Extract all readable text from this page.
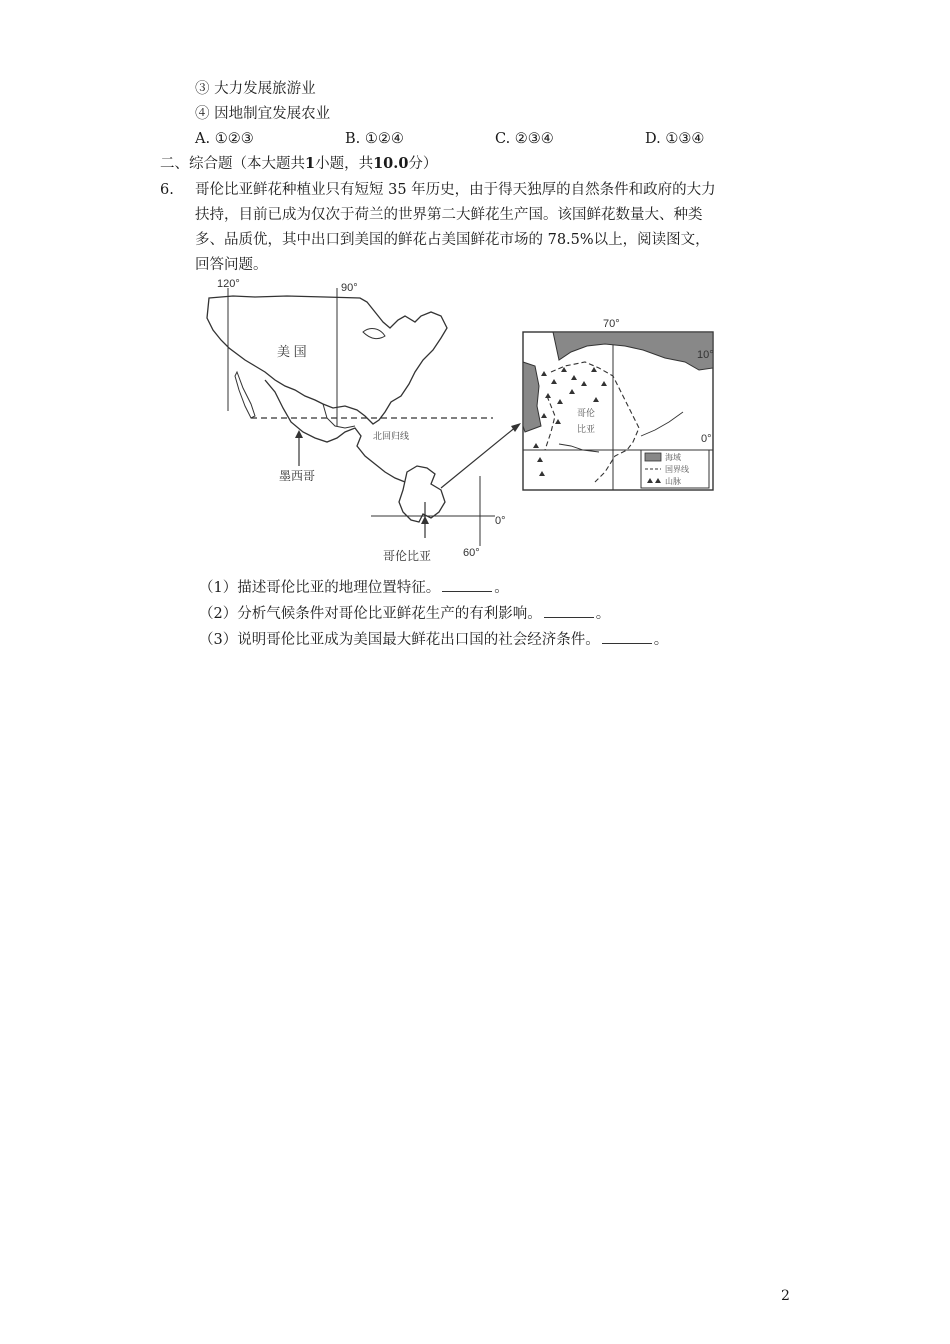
③ 大力发展旅游业
④ 因地制宜发展农业
A. ①②③	B. ①②④	C. ②③④	D. ①③④
二、综合题（本大题共1小题，共10.0分）
6. 哥伦比亚鲜花种植业只有短短 35 年历史，由于得天独厚的自然条件和政府的大力
扶持，目前已成为仅次于荷兰的世界第二大鲜花生产国。该国鲜花数量大、种类
多、品质优，其中出口到美国的鲜花占美国鲜花市场的 78.5%以上，阅读图文，
回答问题。
120°	90°
美 国
北回归线
墨西哥
哥伦比亚	60°
0°
海域
国界线
山脉
70°
10°
0°
哥伦
比亚
（1）描述哥伦比亚的地理位置特征。	。
（2）分析气候条件对哥伦比亚鲜花生产的有利影响。	。
（3）说明哥伦比亚成为美国最大鲜花出口国的社会经济条件。	。
2
